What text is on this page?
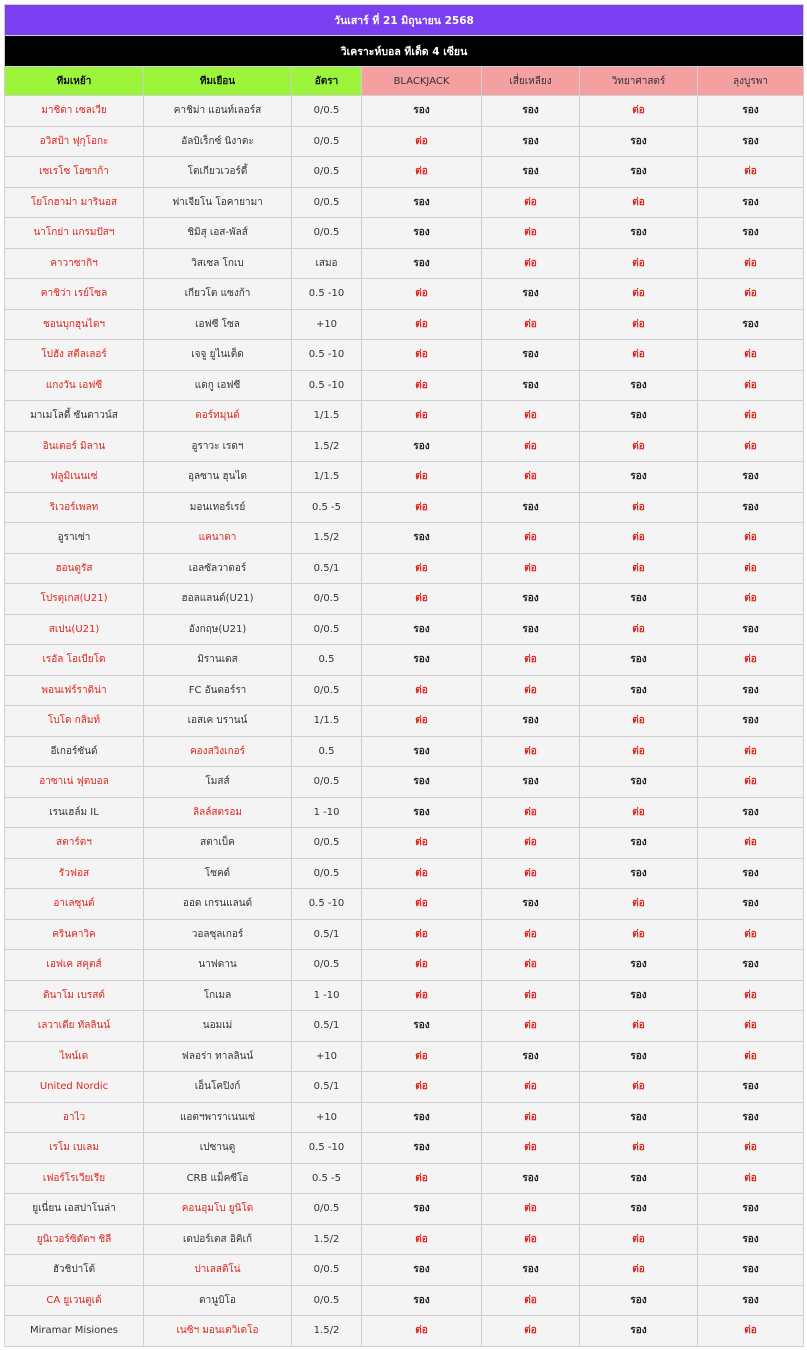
วันเสาร์ ที่ 21 มิถุนายน 2568						
วิเคราะห์บอล ทีเด็ด 4 เซียน						
ทีมเหย้า	ทีมเยือน	อัตรา	BLACKJACK	เสี่ยเหลียง	วิทยาศาสตร์	ลุงบูรพา
มาชิดา เซลเวีย	คาชิม่า แอนท์เลอร์ส	0/0.5	รอง	รอง	ต่อ	รอง
อวิสป้า ฟุกุโอกะ	อัลบิเร็กซ์ นิงาตะ	0/0.5	ต่อ	รอง	รอง	รอง
เซเรโซ โอซาก้า	โตเกียวเวอร์ดี้	0/0.5	ต่อ	รอง	รอง	ต่อ
โยโกฮาม่า มารินอส	ฟาเจียโน โอคายามา	0/0.5	รอง	ต่อ	ต่อ	รอง
นาโกย่า แกรมปัสฯ	ชิมิสุ เอส-พัลส์	0/0.5	รอง	ต่อ	รอง	รอง
คาวาซากิฯ	วิสเซล โกเบ	เสมอ	รอง	ต่อ	ต่อ	ต่อ
คาชิว่า เรย์โซล	เกียวโต แซงก้า	0.5 -10	ต่อ	รอง	ต่อ	ต่อ
ชอนบุกฮุนไดฯ	เอฟซี โซล	+10	ต่อ	ต่อ	ต่อ	รอง
โปฮัง สตีลเลอร์	เจจู ยูไนเต็ด	0.5 -10	ต่อ	รอง	ต่อ	ต่อ
แกงวัน เอฟซี	แดกู เอฟซี	0.5 -10	ต่อ	รอง	รอง	ต่อ
มาเมโลดี้ ซันดาวน์ส	ดอร์ทมุนด์	1/1.5	ต่อ	ต่อ	รอง	ต่อ
อินเตอร์ มิลาน	อูราวะ เรดฯ	1.5/2	รอง	ต่อ	ต่อ	ต่อ
ฟลูมิเนนเซ่	อุลซาน ฮุนได	1/1.5	ต่อ	ต่อ	รอง	รอง
ริเวอร์เพลท	มอนเทอร์เรย์	0.5 -5	ต่อ	รอง	ต่อ	รอง
อูราเซ่า	แคนาดา	1.5/2	รอง	ต่อ	ต่อ	ต่อ
ฮอนดูรัส	เอลซัลวาดอร์	0.5/1	ต่อ	ต่อ	ต่อ	ต่อ
โปรตุเกส(U21)	ฮอลแลนด์(U21)	0/0.5	ต่อ	รอง	รอง	ต่อ
สเปน(U21)	อังกฤษ(U21)	0/0.5	รอง	รอง	ต่อ	รอง
เรอัล โอเบียโด	มิรานเดส	0.5	รอง	ต่อ	รอง	ต่อ
พอนเฟร์ราดิน่า	FC อันดอร์รา	0/0.5	ต่อ	ต่อ	รอง	รอง
โบโด กลิมท์	เอสเค บรานน์	1/1.5	ต่อ	รอง	ต่อ	รอง
อีเกอร์ซันด์	คองสวิงเกอร์	0.5	รอง	ต่อ	ต่อ	ต่อ
อาซาเน่ ฟุตบอล	โมสส์	0/0.5	รอง	รอง	รอง	ต่อ
เรนเฮล์ม IL	ลิลล์สตรอม	1 -10	รอง	ต่อ	ต่อ	รอง
สตาร์ตฯ	สตาเบ็ค	0/0.5	ต่อ	ต่อ	รอง	ต่อ
รัวฟอส	โซคด์	0/0.5	ต่อ	ต่อ	รอง	รอง
อาเลซุนด์	ออด เกรนแลนด์	0.5 -10	ต่อ	รอง	ต่อ	รอง
ครินคาวิค	วอลซุลเกอร์	0.5/1	ต่อ	ต่อ	ต่อ	ต่อ
เอฟเค สคุตส์	นาฟดาน	0/0.5	ต่อ	ต่อ	รอง	รอง
ดินาโม เบรสต์	โกเมล	1 -10	ต่อ	ต่อ	รอง	ต่อ
เลวาเดีย ทัลลินน์	นอมเม่	0.5/1	รอง	ต่อ	ต่อ	ต่อ
ไพน์เด	ฟลอร่า ทาลลินน์	+10	ต่อ	รอง	รอง	ต่อ
United Nordic	เอ็นโคปิงก์	0.5/1	ต่อ	ต่อ	ต่อ	รอง
อาไว	แอตฯพาราเนนเซ่	+10	รอง	ต่อ	รอง	รอง
เรโม เบเลม	เปซานดู	0.5 -10	รอง	ต่อ	ต่อ	ต่อ
เฟอร์โรเวียเรีย	CRB แม็คซีโอ	0.5 -5	ต่อ	รอง	รอง	ต่อ
ยูเนี่ยน เอสปาโนล่า	คอนอุมโบ ยูนิโด	0/0.5	รอง	ต่อ	รอง	รอง
ยูนิเวอร์ซิดัดฯ ชิลี	เดปอร์เตส อิคิเก้	1.5/2	ต่อ	ต่อ	ต่อ	รอง
ฮัวชิปาโต้	ปาเลสติโน่	0/0.5	รอง	รอง	ต่อ	รอง
CA ยูเวนตูเด้	ดานูบิโอ	0/0.5	รอง	ต่อ	รอง	รอง
Miramar Misiones	เนซิฯ มอนเตวิเดโอ	1.5/2	ต่อ	ต่อ	รอง	ต่อ
